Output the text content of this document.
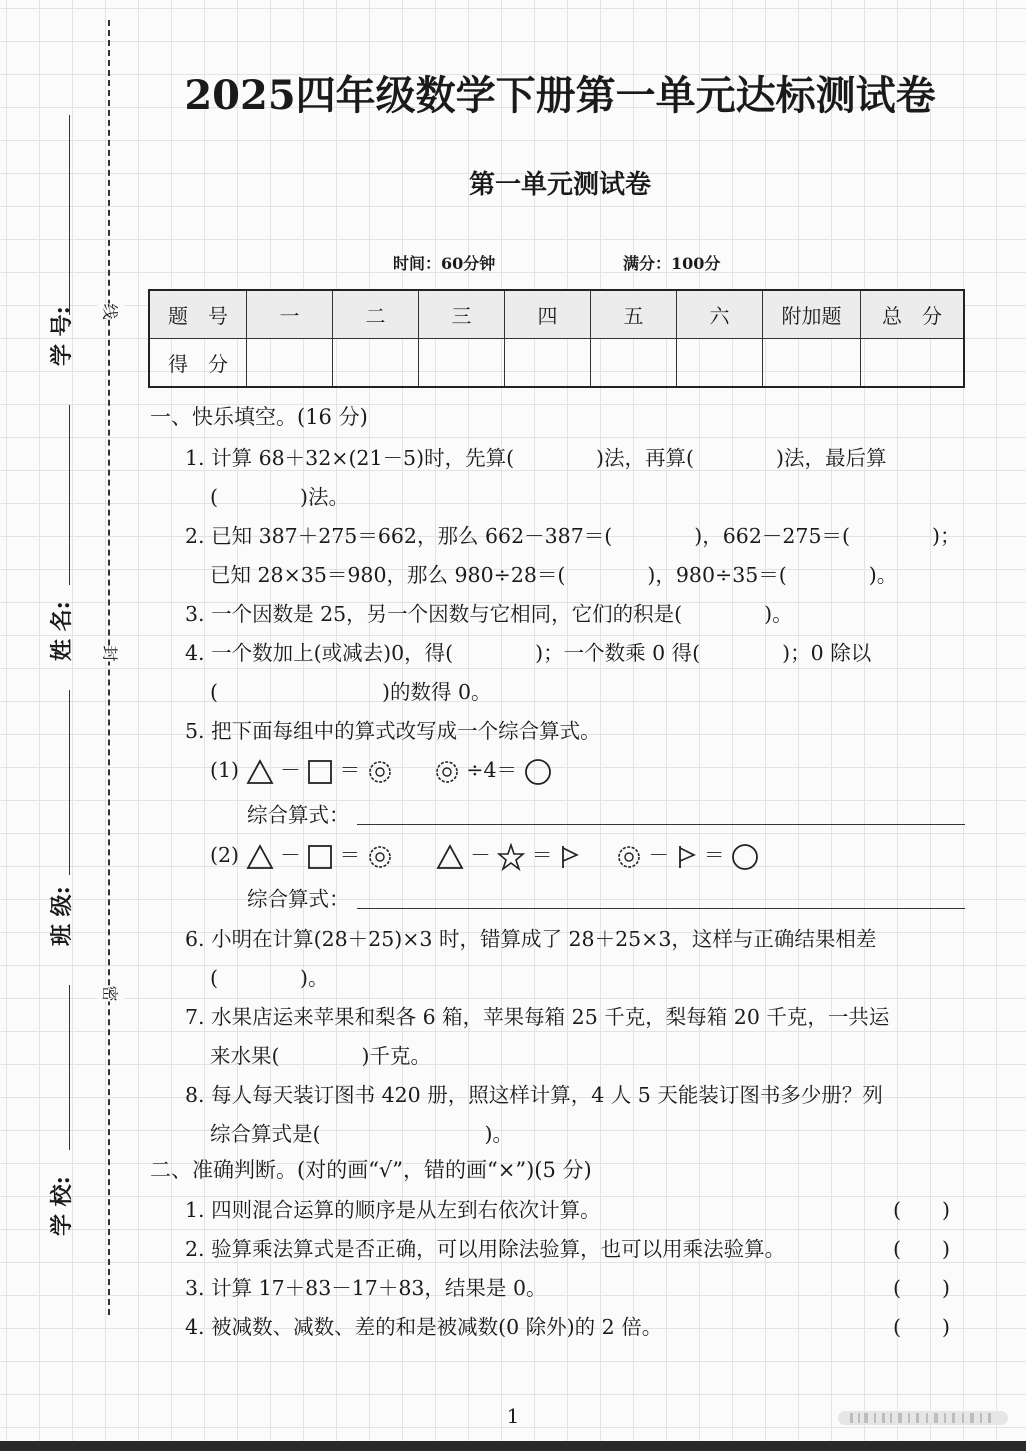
学 号:
姓 名:
班 级:
学 校:
线
封
密
2025四年级数学下册第一单元达标测试卷
第一单元测试卷
时间：60分钟	满分：100分
题　号	一	二	三	四	五	六	附加题	总　分
得　分								
一、快乐填空。(16 分)
1. 计算 68＋32×(21－5)时，先算(　　　　)法，再算(　　　　)法，最后算
(　　　　)法。
2. 已知 387＋275＝662，那么 662－387＝(　　　　)，662－275＝(　　　　)；
已知 28×35＝980，那么 980÷28＝(　　　　)，980÷35＝(　　　　)。
3. 一个因数是 25，另一个因数与它相同，它们的积是(　　　　)。
4. 一个数加上(或减去)0，得(　　　　)；一个数乘 0 得(　　　　)；0 除以
(　　　　　　　　)的数得 0。
5. 把下面每组中的算式改写成一个综合算式。
(1) － ＝	÷4＝
综合算式：
(2) － ＝	－ ＝	－ ＝
综合算式：
6. 小明在计算(28＋25)×3 时，错算成了 28＋25×3，这样与正确结果相差
(　　　　)。
7. 水果店运来苹果和梨各 6 箱，苹果每箱 25 千克，梨每箱 20 千克，一共运
来水果(　　　　)千克。
8. 每人每天装订图书 420 册，照这样计算，4 人 5 天能装订图书多少册？列
综合算式是(　　　　　　　　)。
二、准确判断。(对的画“√”，错的画“×”)(5 分)
1. 四则混合运算的顺序是从左到右依次计算。	(　　)
2. 验算乘法算式是否正确，可以用除法验算，也可以用乘法验算。	(　　)
3. 计算 17＋83－17＋83，结果是 0。	(　　)
4. 被减数、减数、差的和是被减数(0 除外)的 2 倍。	(　　)
1
